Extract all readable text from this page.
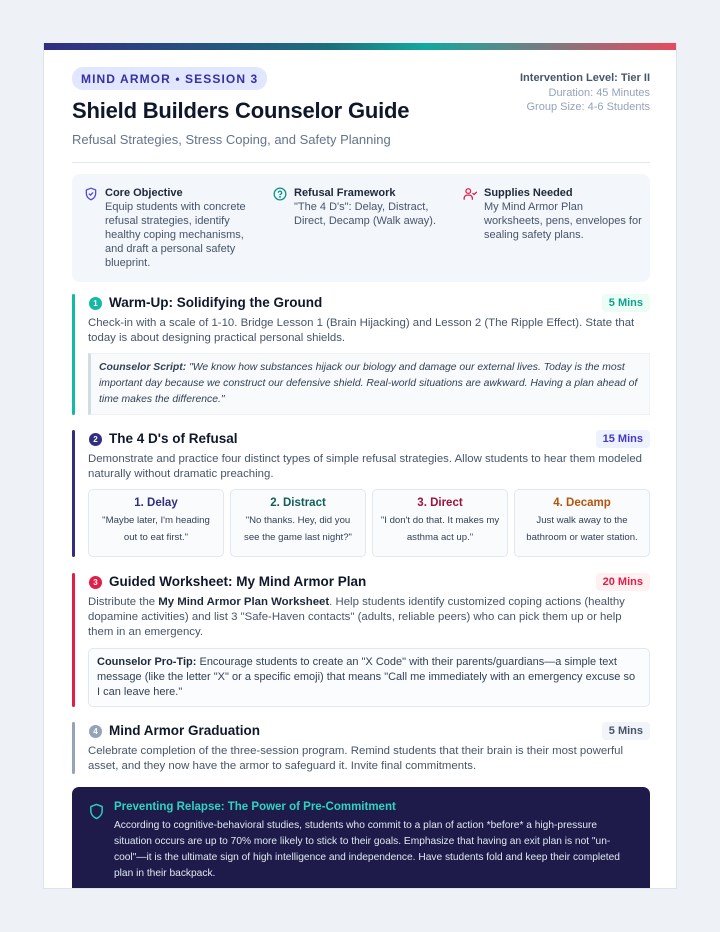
MIND ARMOR • SESSION 3
Shield Builders Counselor Guide
Refusal Strategies, Stress Coping, and Safety Planning
Intervention Level: Tier II
Duration: 45 Minutes
Group Size: 4-6 Students
Core Objective
Equip students with concrete refusal strategies, identify healthy coping mechanisms, and draft a personal safety blueprint.
Refusal Framework
"The 4 D's": Delay, Distract, Direct, Decamp (Walk away).
Supplies Needed
My Mind Armor Plan worksheets, pens, envelopes for sealing safety plans.
1 Warm-Up: Solidifying the Ground	5 Mins
Check-in with a scale of 1-10. Bridge Lesson 1 (Brain Hijacking) and Lesson 2 (The Ripple Effect). State that today is about designing practical personal shields.
Counselor Script: "We know how substances hijack our biology and damage our external lives. Today is the most important day because we construct our defensive shield. Real-world situations are awkward. Having a plan ahead of time makes the difference."
2 The 4 D's of Refusal	15 Mins
Demonstrate and practice four distinct types of simple refusal strategies. Allow students to hear them modeled naturally without dramatic preaching.
1. Delay
"Maybe later, I'm heading out to eat first."
2. Distract
"No thanks. Hey, did you see the game last night?"
3. Direct
"I don't do that. It makes my asthma act up."
4. Decamp
Just walk away to the bathroom or water station.
3 Guided Worksheet: My Mind Armor Plan	20 Mins
Distribute the My Mind Armor Plan Worksheet. Help students identify customized coping actions (healthy dopamine activities) and list 3 "Safe-Haven contacts" (adults, reliable peers) who can pick them up or help them in an emergency.
Counselor Pro-Tip: Encourage students to create an "X Code" with their parents/guardians—a simple text message (like the letter "X" or a specific emoji) that means "Call me immediately with an emergency excuse so I can leave here."
4 Mind Armor Graduation	5 Mins
Celebrate completion of the three-session program. Remind students that their brain is their most powerful asset, and they now have the armor to safeguard it. Invite final commitments.
Preventing Relapse: The Power of Pre-Commitment
According to cognitive-behavioral studies, students who commit to a plan of action *before* a high-pressure situation occurs are up to 70% more likely to stick to their goals. Emphasize that having an exit plan is not "un-cool"—it is the ultimate sign of high intelligence and independence. Have students fold and keep their completed plan in their backpack.
